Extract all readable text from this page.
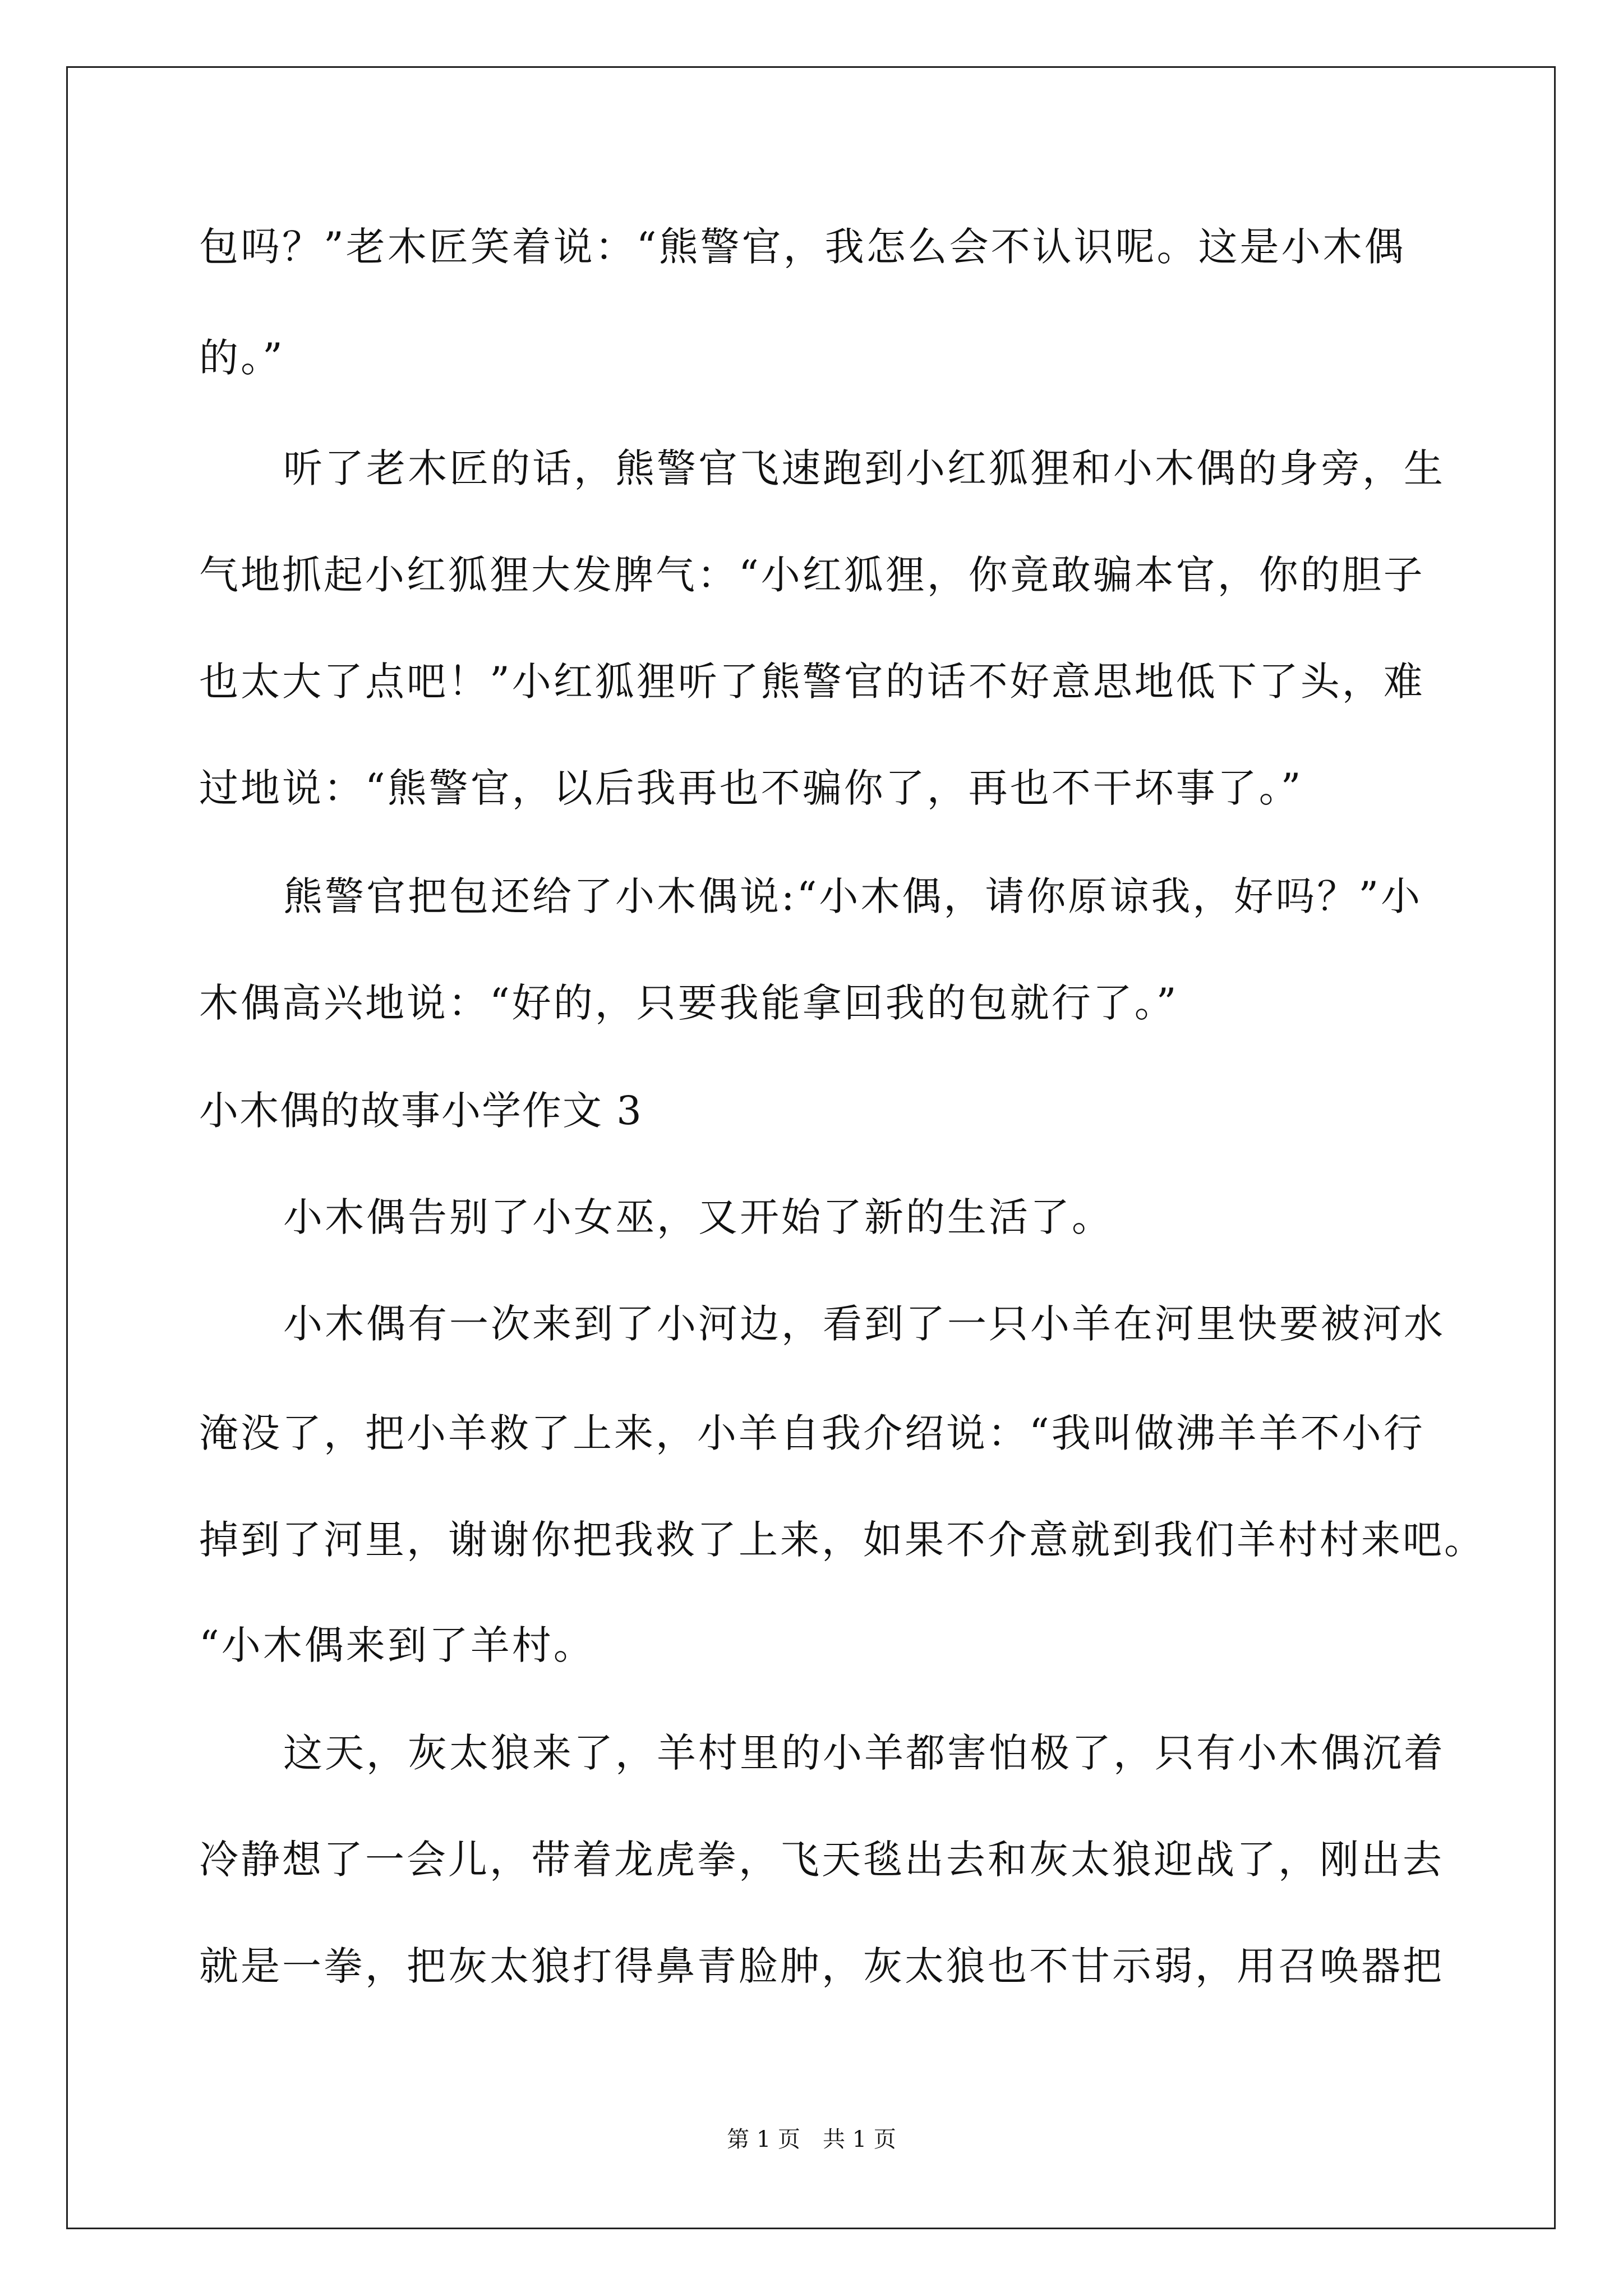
包吗？”老木匠笑着说：“熊警官，我怎么会不认识呢。这是小木偶
的。”
听了老木匠的话，熊警官飞速跑到小红狐狸和小木偶的身旁，生
气地抓起小红狐狸大发脾气：“小红狐狸，你竟敢骗本官，你的胆子
也太大了点吧！”小红狐狸听了熊警官的话不好意思地低下了头，难
过地说：“熊警官，以后我再也不骗你了，再也不干坏事了。”
熊警官把包还给了小木偶说:“小木偶，请你原谅我，好吗？”小
木偶高兴地说：“好的，只要我能拿回我的包就行了。”
小木偶的故事小学作文 3
小木偶告别了小女巫，又开始了新的生活了。
小木偶有一次来到了小河边，看到了一只小羊在河里快要被河水
淹没了，把小羊救了上来，小羊自我介绍说：“我叫做沸羊羊不小行
掉到了河里，谢谢你把我救了上来，如果不介意就到我们羊村村来吧。
“小木偶来到了羊村。
这天，灰太狼来了，羊村里的小羊都害怕极了，只有小木偶沉着
冷静想了一会儿，带着龙虎拳，飞天毯出去和灰太狼迎战了，刚出去
就是一拳，把灰太狼打得鼻青脸肿，灰太狼也不甘示弱，用召唤器把
第 1 页　共 1 页
